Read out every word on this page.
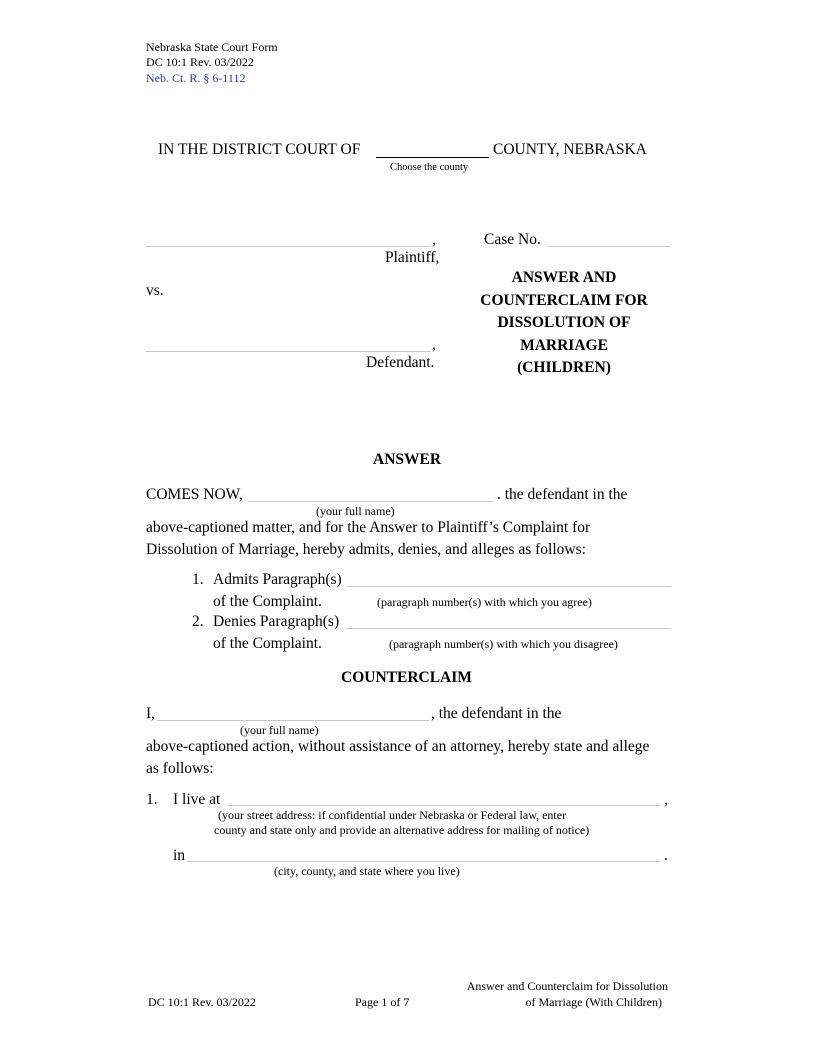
Nebraska State Court Form
DC 10:1 Rev. 03/2022
Neb. Ct. R. § 6-1112
IN THE DISTRICT COURT OF	COUNTY, NEBRASKA
Choose the county
,
Plaintiff,
vs.
,
Defendant.
Case No.
ANSWER AND
COUNTERCLAIM FOR
DISSOLUTION OF
MARRIAGE
(CHILDREN)
ANSWER
COMES NOW,	. the defendant in the
(your full name)
above-captioned matter, and for the Answer to Plaintiff’s Complaint for
Dissolution of Marriage, hereby admits, denies, and alleges as follows:
1. Admits Paragraph(s)
of the Complaint.	(paragraph number(s) with which you agree)
2. Denies Paragraph(s)
of the Complaint.	(paragraph number(s) with which you disagree)
COUNTERCLAIM
I,	, the defendant in the
(your full name)
above-captioned action, without assistance of an attorney, hereby state and allege
as follows:
1. I live at	,
(your street address: if confidential under Nebraska or Federal law, enter
county and state only and provide an alternative address for mailing of notice)
in	.
(city, county, and state where you live)
DC 10:1 Rev. 03/2022	Page 1 of 7
Answer and Counterclaim for Dissolution
of Marriage (With Children)
